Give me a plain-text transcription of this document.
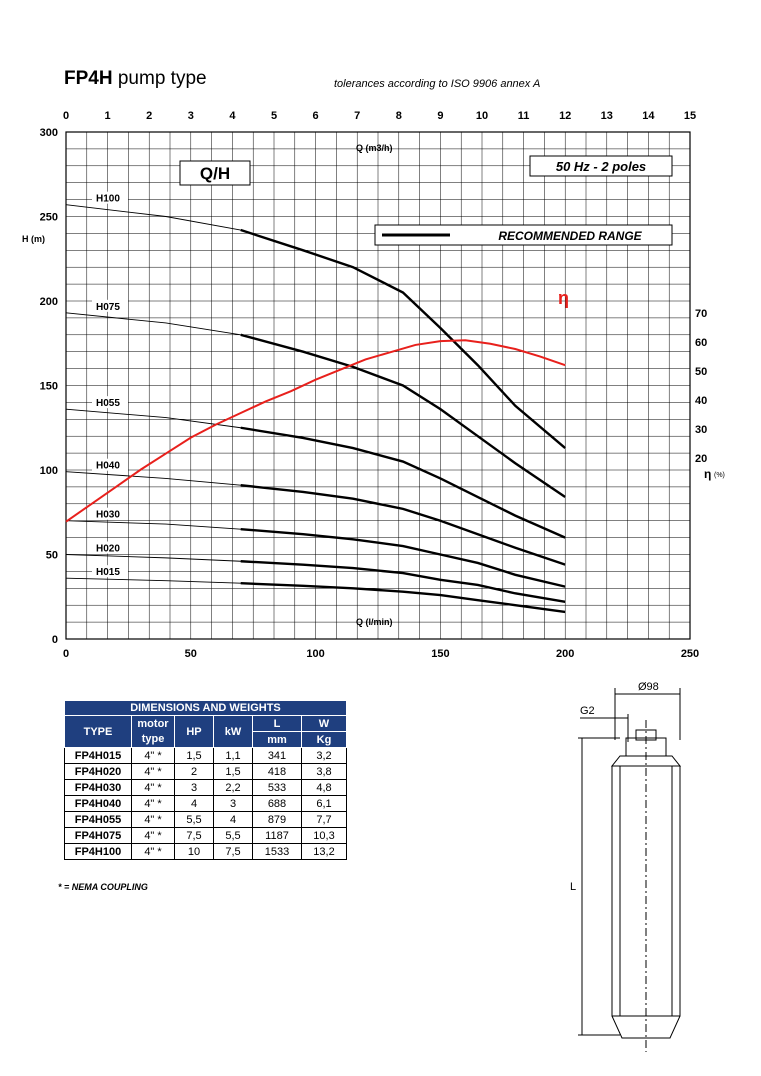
FP4H pump type	tolerances according to ISO 9906 annex A
0	1	2	3	4	5	6	7	8	9	10	11	12	13	14	15
0	50	100	150	200	250
0
50
100
150
200
250
300
20
30
40
50
60
70
Q (m3/h)
Q (l/min)
H (m)
η (%)
Q/H	50 Hz - 2 poles
RECOMMENDED RANGE
H100
H075
H055
H040
H030
H020
H015
η
DIMENSIONS AND WEIGHTS					
TYPE	motor	HP	kW	L	W
	type			mm	Kg
FP4H015	4" *	1,5	1,1	341	3,2
FP4H020	4" *	2	1,5	418	3,8
FP4H030	4" *	3	2,2	533	4,8
FP4H040	4" *	4	3	688	6,1
FP4H055	4" *	5,5	4	879	7,7
FP4H075	4" *	7,5	5,5	1187	10,3
FP4H100	4" *	10	7,5	1533	13,2
* = NEMA COUPLING
Ø98
G2
L
